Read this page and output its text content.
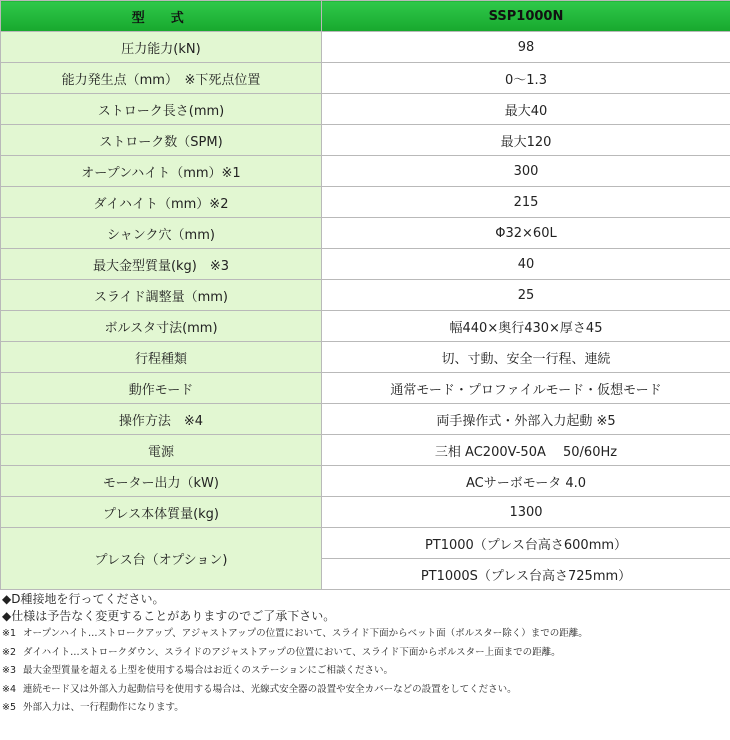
型　式	SSP1000N
圧力能力(kN)	98
能力発生点（mm）　※下死点位置	0～1.3
ストローク長さ(mm)	最大40
ストローク数（SPM)	最大120
オープンハイト（mm）※1	300
ダイハイト（mm）※2	215
シャンク穴（mm)	Φ32×60L
最大金型質量(kg)　※3	40
スライド調整量（mm)	25
ボルスタ寸法(mm)	幅440×奥行430×厚さ45
行程種類	切、寸動、安全一行程、連続
動作モード	通常モード・プロファイルモード・仮想モード
操作方法　※4	両手操作式・外部入力起動 ※5
電源	三相 AC200V-50A　 50/60Hz
モーター出力（kW)	ACサーボモータ 4.0
プレス本体質量(kg)	1300
プレス台（オプション)	PT1000（プレス台高さ600mm）
	PT1000S（プレス台高さ725mm）
◆D種接地を行ってください。
◆仕様は予告なく変更することがありますのでご了承下さい。
※1 オープンハイト…ストロークアップ、アジャストアップの位置において、スライド下面からベット面（ボルスター除く）までの距離。
※2 ダイハイト…ストロークダウン、スライドのアジャストアップの位置において、スライド下面からボルスター上面までの距離。
※3 最大金型質量を超える上型を使用する場合はお近くのステーションにご相談ください。
※4 連続モード又は外部入力起動信号を使用する場合は、光線式安全器の設置や安全カバーなどの設置をしてください。
※5 外部入力は、一行程動作になります。
